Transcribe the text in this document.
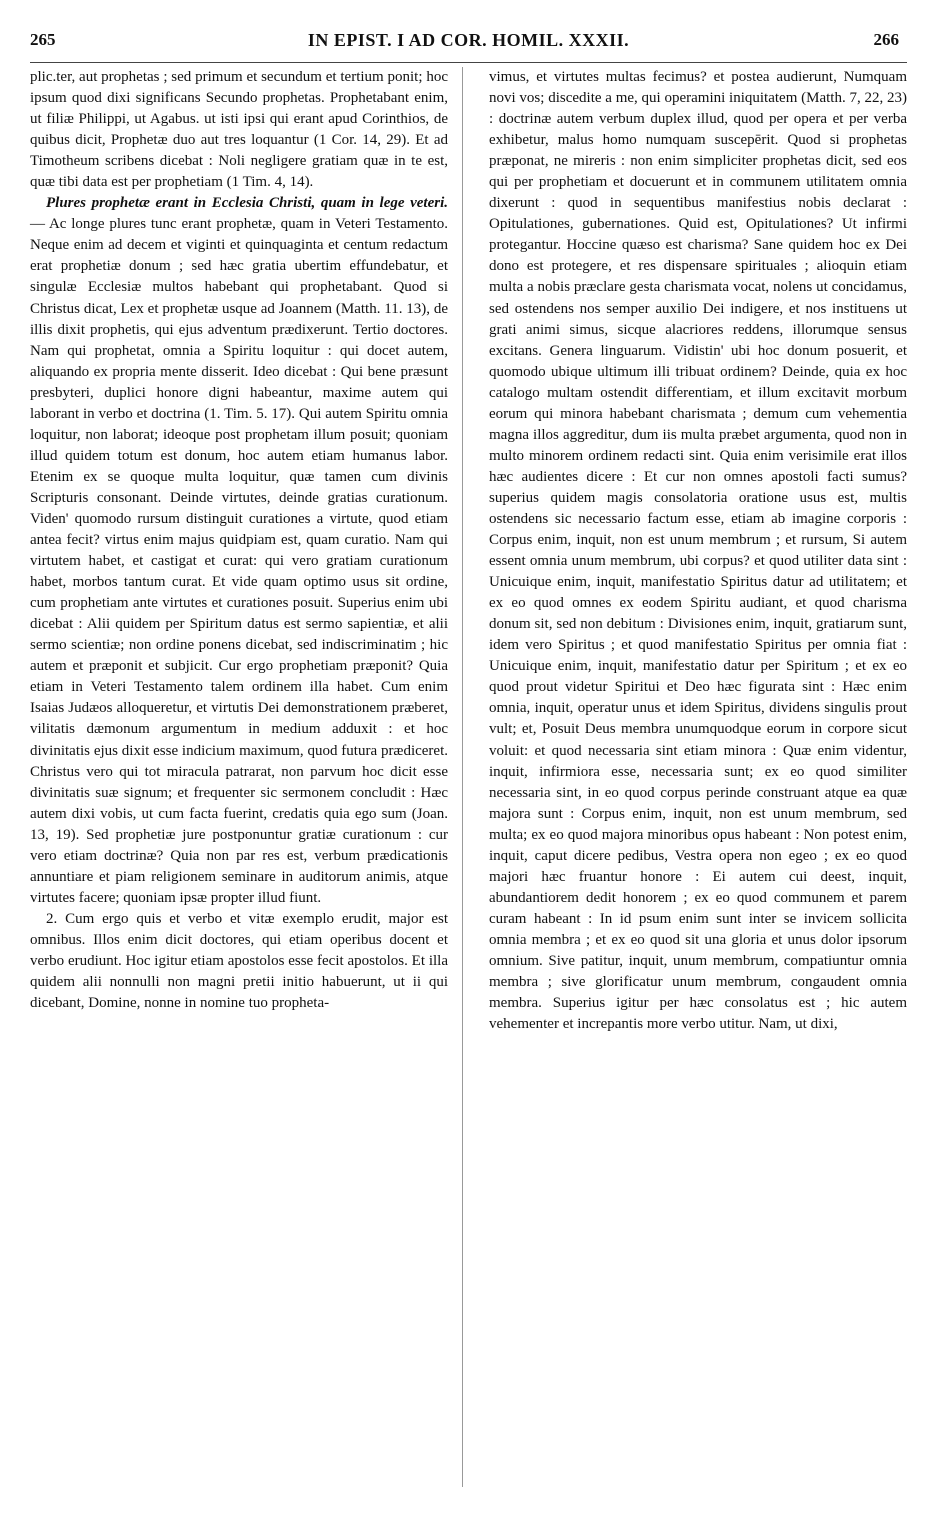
265	IN EPIST. I AD COR. HOMIL. XXXII.	266

plic.ter, aut prophetas ; sed primum et secundum et tertium ponit; hoc ipsum quod dixi significans Secundo prophetas. Prophetabant enim, ut filiæ Philippi, ut Agabus. ut isti ipsi qui erant apud Corinthios, de quibus dicit, Prophetæ duo aut tres loquantur (1 Cor. 14, 29). Et ad Timotheum scribens dicebat : Noli negligere gratiam quæ in te est, quæ tibi data est per prophetiam (1 Tim. 4, 14).

Plures prophetæ erant in Ecclesia Christi, quam in lege veteri. — Ac longe plures tunc erant prophetæ, quam in Veteri Testamento. Neque enim ad decem et viginti et quinquaginta et centum redactum erat prophetiæ donum ; sed hæc gratia ubertim effundebatur, et singulæ Ecclesiæ multos habebant qui prophetabant. Quod si Christus dicat, Lex et prophetæ usque ad Joannem (Matth. 11. 13), de illis dixit prophetis, qui ejus adventum prædixerunt. Tertio doctores. Nam qui prophetat, omnia a Spiritu loquitur : qui docet autem, aliquando ex propria mente disserit. Ideo dicebat : Qui bene præsunt presbyteri, duplici honore digni habeantur, maxime autem qui laborant in verbo et doctrina (1. Tim. 5. 17). Qui autem Spiritu omnia loquitur, non laborat; ideoque post prophetam illum posuit; quoniam illud quidem totum est donum, hoc autem etiam humanus labor. Etenim ex se quoque multa loquitur, quæ tamen cum divinis Scripturis consonant. Deinde virtutes, deinde gratias curationum. Viden' quomodo rursum distinguit curationes a virtute, quod etiam antea fecit? virtus enim majus quidpiam est, quam curatio. Nam qui virtutem habet, et castigat et curat: qui vero gratiam curationum habet, morbos tantum curat. Et vide quam optimo usus sit ordine, cum prophetiam ante virtutes et curationes posuit. Superius enim ubi dicebat : Alii quidem per Spiritum datus est sermo sapientiæ, et alii sermo scientiæ; non ordine ponens dicebat, sed indiscriminatim ; hic autem et præponit et subjicit. Cur ergo prophetiam præponit? Quia etiam in Veteri Testamento talem ordinem illa habet. Cum enim Isaias Judæos alloqueretur, et virtutis Dei demonstrationem præberet, vilitatis dæmonum argumentum in medium adduxit : et hoc divinitatis ejus dixit esse indicium maximum, quod futura prædiceret. Christus vero qui tot miracula patrarat, non parvum hoc dicit esse divinitatis suæ signum; et frequenter sic sermonem concludit : Hæc autem dixi vobis, ut cum facta fuerint, credatis quia ego sum (Joan. 13, 19). Sed prophetiæ jure postponuntur gratiæ curationum : cur vero etiam doctrinæ? Quia non par res est, verbum prædicationis annuntiare et piam religionem seminare in auditorum animis, atque virtutes facere; quoniam ipsæ propter illud fiunt.

2. Cum ergo quis et verbo et vitæ exemplo erudit, major est omnibus. Illos enim dicit doctores, qui etiam operibus docent et verbo erudiunt. Hoc igitur etiam apostolos esse fecit apostolos. Et illa quidem alii nonnulli non magni pretii initio habuerunt, ut ii qui dicebant, Domine, nonne in nomine tuo propheta-

vimus, et virtutes multas fecimus? et postea audierunt, Numquam novi vos; discedite a me, qui operamini iniquitatem (Matth. 7, 22, 23) : doctrinæ autem verbum duplex illud, quod per opera et per verba exhibetur, malus homo numquam suscepērit. Quod si prophetas præponat, ne mireris : non enim simpliciter prophetas dicit, sed eos qui per prophetiam et docuerunt et in communem utilitatem omnia dixerunt : quod in sequentibus manifestius nobis declarat : Opitulationes, gubernationes. Quid est, Opitulationes? Ut infirmi protegantur. Hoccine quæso est charisma? Sane quidem hoc ex Dei dono est protegere, et res dispensare spirituales ; alioquin etiam multa a nobis præclare gesta charismata vocat, nolens ut concidamus, sed ostendens nos semper auxilio Dei indigere, et nos instituens ut grati animi simus, sicque alacriores reddens, illorumque sensus excitans. Genera linguarum. Vidistin' ubi hoc donum posuerit, et quomodo ubique ultimum illi tribuat ordinem? Deinde, quia ex hoc catalogo multam ostendit differentiam, et illum excitavit morbum eorum qui minora habebant charismata ; demum cum vehementia magna illos aggreditur, dum iis multa præbet argumenta, quod non in multo minorem ordinem redacti sint. Quia enim verisimile erat illos hæc audientes dicere : Et cur non omnes apostoli facti sumus? superius quidem magis consolatoria oratione usus est, multis ostendens sic necessario factum esse, etiam ab imagine corporis : Corpus enim, inquit, non est unum membrum ; et rursum, Si autem essent omnia unum membrum, ubi corpus? et quod utiliter data sint : Unicuique enim, inquit, manifestatio Spiritus datur ad utilitatem; et ex eo quod omnes ex eodem Spiritu audiant, et quod charisma donum sit, sed non debitum : Divisiones enim, inquit, gratiarum sunt, idem vero Spiritus ; et quod manifestatio Spiritus per omnia fiat : Unicuique enim, inquit, manifestatio datur per Spiritum ; et ex eo quod prout videtur Spiritui et Deo hæc figurata sint : Hæc enim omnia, inquit, operatur unus et idem Spiritus, dividens singulis prout vult; et, Posuit Deus membra unumquodque eorum in corpore sicut voluit: et quod necessaria sint etiam minora : Quæ enim videntur, inquit, infirmiora esse, necessaria sunt; ex eo quod similiter necessaria sint, in eo quod corpus perinde construant atque ea quæ majora sunt : Corpus enim, inquit, non est unum membrum, sed multa; ex eo quod majora minoribus opus habeant : Non potest enim, inquit, caput dicere pedibus, Vestra opera non egeo ; ex eo quod majori hæc fruantur honore : Ei autem cui deest, inquit, abundantiorem dedit honorem ; ex eo quod communem et parem curam habeant : In id psum enim sunt inter se invicem sollicita omnia membra ; et ex eo quod sit una gloria et unus dolor ipsorum omnium. Sive patitur, inquit, unum membrum, compatiuntur omnia membra ; sive glorificatur unum membrum, congaudent omnia membra. Superius igitur per hæc consolatus est ; hic autem vehementer et increpantis more verbo utitur. Nam, ut dixi,
